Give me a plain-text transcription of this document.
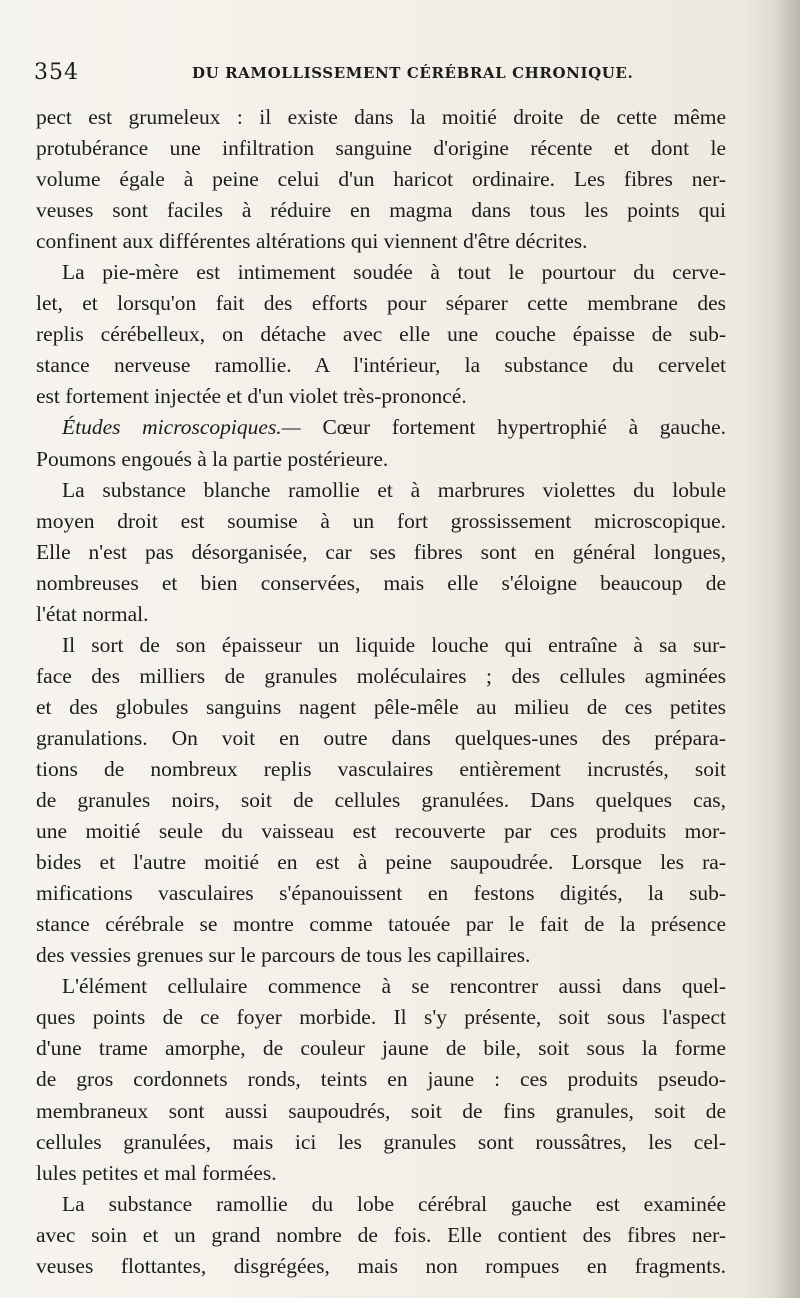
354	DU RAMOLLISSEMENT CÉRÉBRAL CHRONIQUE.
pect est grumeleux : il existe dans la moitié droite de cette même
protubérance une infiltration sanguine d'origine récente et dont le
volume égale à peine celui d'un haricot ordinaire. Les fibres ner-
veuses sont faciles à réduire en magma dans tous les points qui
confinent aux différentes altérations qui viennent d'être décrites.
La pie-mère est intimement soudée à tout le pourtour du cerve-
let, et lorsqu'on fait des efforts pour séparer cette membrane des
replis cérébelleux, on détache avec elle une couche épaisse de sub-
stance nerveuse ramollie. A l'intérieur, la substance du cervelet
est fortement injectée et d'un violet très-prononcé.
Études microscopiques.— Cœur fortement hypertrophié à gauche.
Poumons engoués à la partie postérieure.
La substance blanche ramollie et à marbrures violettes du lobule
moyen droit est soumise à un fort grossissement microscopique.
Elle n'est pas désorganisée, car ses fibres sont en général longues,
nombreuses et bien conservées, mais elle s'éloigne beaucoup de
l'état normal.
Il sort de son épaisseur un liquide louche qui entraîne à sa sur-
face des milliers de granules moléculaires ; des cellules agminées
et des globules sanguins nagent pêle-mêle au milieu de ces petites
granulations. On voit en outre dans quelques-unes des prépara-
tions de nombreux replis vasculaires entièrement incrustés, soit
de granules noirs, soit de cellules granulées. Dans quelques cas,
une moitié seule du vaisseau est recouverte par ces produits mor-
bides et l'autre moitié en est à peine saupoudrée. Lorsque les ra-
mifications vasculaires s'épanouissent en festons digités, la sub-
stance cérébrale se montre comme tatouée par le fait de la présence
des vessies grenues sur le parcours de tous les capillaires.
L'élément cellulaire commence à se rencontrer aussi dans quel-
ques points de ce foyer morbide. Il s'y présente, soit sous l'aspect
d'une trame amorphe, de couleur jaune de bile, soit sous la forme
de gros cordonnets ronds, teints en jaune : ces produits pseudo-
membraneux sont aussi saupoudrés, soit de fins granules, soit de
cellules granulées, mais ici les granules sont roussâtres, les cel-
lules petites et mal formées.
La substance ramollie du lobe cérébral gauche est examinée
avec soin et un grand nombre de fois. Elle contient des fibres ner-
veuses flottantes, disgrégées, mais non rompues en fragments.
